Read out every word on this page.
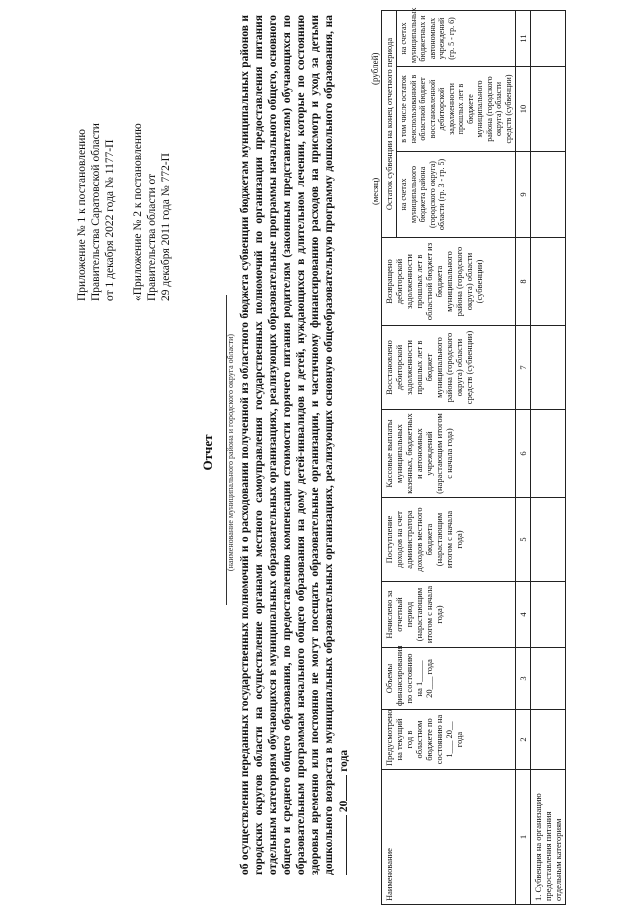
Приложение № 1 к постановлению Правительства Саратовской области от 1 декабря 2022 года № 1177-П «Приложение № 2 к постановлению Правительства области от 29 декабря 2011 года № 772-П
Отчет (наименование муниципального района и городского округа области) об осуществлении переданных государственных полномочий и о расходовании полученной из областного бюджета субвенции бюджетам муниципальных районов и городских округов области на осуществление органами местного самоуправления государственных полномочий по организации предоставления питания отдельным категориям обучающихся в муниципальных образовательных организациях, реализующих образовательные программы начального общего, основного общего и среднего общего образования, по предоставлению компенсации стоимости горячего питания родителям (законным представителям) обучающихся по образовательным программам начального общего образования на дому детей-инвалидов и детей, нуждающихся в длительном лечении, которые по состоянию здоровья временно или постоянно не могут посещать образовательные организации, и частичному финансированию расходов на присмотр и уход за детьми дошкольного возраста в муниципальных образовательных организациях, реализующих основную общеобразовательную программу дошкольного образования, на 20 года
(месяц)
(рублей)
Наименование	Предусмотрено на текущий год в областном бюджете по состоянию на 1___ 20__ года	Объемы финансирования по состоянию на 1_____ 20___ года	Начислено за отчетный период (нарастающим итогом с начала года)	Поступление доходов на счет администратора доходов местного бюджета (нарастающим итогом с начала года)	Кассовые выплаты муниципальных казенных, бюджетных и автономных учреждений (нарастающим итогом с начала года)	Восстановлено дебиторской задолженности прошлых лет в бюджет муниципального района (городского округа) области средств (субвенции)	Возвращено дебиторской задолженности прошлых лет в областной бюджет из бюджета муниципального района (городского округа) области (субвенции)	Остаток субвенции на конец отчетного периода		
								на счетах муниципального бюджета района (городского округа) области (гр. 3 - гр. 5)	в том числе остаток неиспользованной в областной бюджет восстановленной дебиторской задолженности прошлых лет в бюджете муниципального района (городского округа) области средств (субвенции)	на счетах муниципальных бюджетных и автономных учреждений (гр. 5 - гр. 6)
1	2	3	4	5	6	7	8	9	10	11
1. Субвенция на организацию предоставления питания отдельным категориям										
